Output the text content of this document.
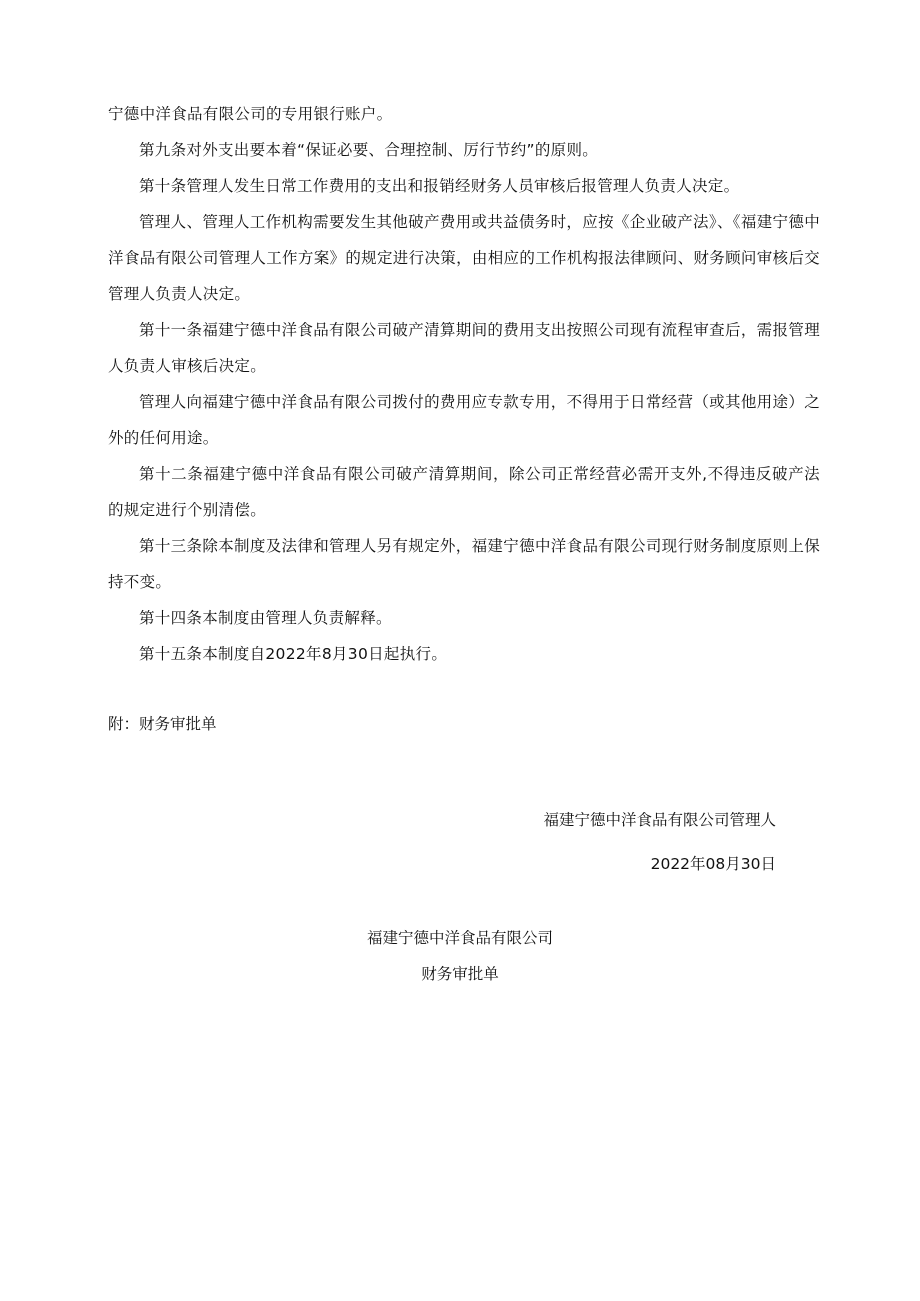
宁德中洋食品有限公司的专用银行账户。

第九条对外支出要本着“保证必要、合理控制、厉行节约”的原则。

第十条管理人发生日常工作费用的支出和报销经财务人员审核后报管理人负责人决定。

管理人、管理人工作机构需要发生其他破产费用或共益债务时，应按《企业破产法》、《福建宁德中洋食品有限公司管理人工作方案》的规定进行决策，由相应的工作机构报法律顾问、财务顾问审核后交管理人负责人决定。

第十一条福建宁德中洋食品有限公司破产清算期间的费用支出按照公司现有流程审查后，需报管理人负责人审核后决定。

管理人向福建宁德中洋食品有限公司拨付的费用应专款专用，不得用于日常经营（或其他用途）之外的任何用途。

第十二条福建宁德中洋食品有限公司破产清算期间，除公司正常经营必需开支外,不得违反破产法的规定进行个别清偿。

第十三条除本制度及法律和管理人另有规定外，福建宁德中洋食品有限公司现行财务制度原则上保持不变。

第十四条本制度由管理人负责解释。

第十五条本制度自2022年8月30日起执行。

附：财务审批单

福建宁德中洋食品有限公司管理人

2022年08月30日

福建宁德中洋食品有限公司

财务审批单
